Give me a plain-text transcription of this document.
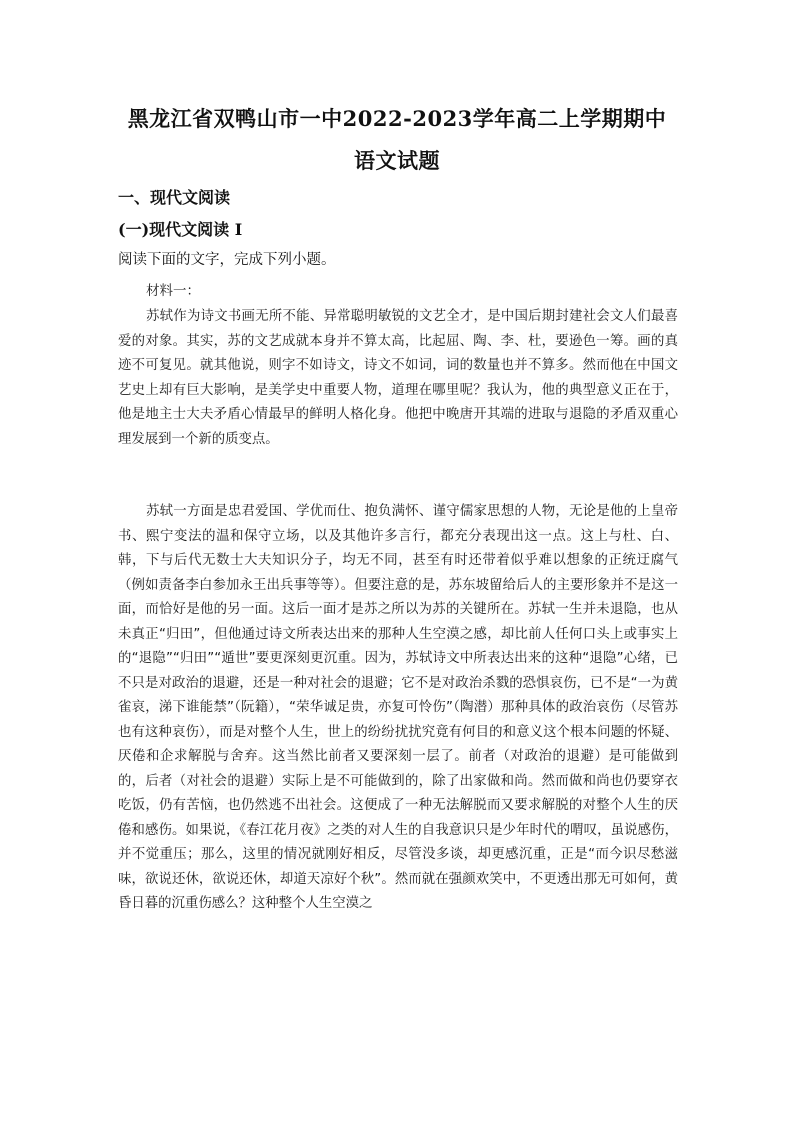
黑龙江省双鸭山市一中2022-2023学年高二上学期期中
语文试题
一、现代文阅读
(一)现代文阅读 I
阅读下面的文字，完成下列小题。
材料一：
苏轼作为诗文书画无所不能、异常聪明敏锐的文艺全才，是中国后期封建社会文人们最喜爱的对象。其实，苏的文艺成就本身并不算太高，比起屈、陶、李、杜，要逊色一筹。画的真迹不可复见。就其他说，则字不如诗文，诗文不如词，词的数量也并不算多。然而他在中国文艺史上却有巨大影响，是美学史中重要人物，道理在哪里呢？我认为，他的典型意义正在于，他是地主士大夫矛盾心情最早的鲜明人格化身。他把中晚唐开其端的进取与退隐的矛盾双重心理发展到一个新的质变点。
苏轼一方面是忠君爱国、学优而仕、抱负满怀、谨守儒家思想的人物，无论是他的上皇帝书、熙宁变法的温和保守立场，以及其他许多言行，都充分表现出这一点。这上与杜、白、韩，下与后代无数士大夫知识分子，均无不同，甚至有时还带着似乎难以想象的正统迂腐气（例如责备李白参加永王出兵事等等）。但要注意的是，苏东坡留给后人的主要形象并不是这一面，而恰好是他的另一面。这后一面才是苏之所以为苏的关键所在。苏轼一生并未退隐，也从未真正“归田”，但他通过诗文所表达出来的那种人生空漠之感，却比前人任何口头上或事实上的“退隐”“归田”“遁世”要更深刻更沉重。因为，苏轼诗文中所表达出来的这种“退隐”心绪，已不只是对政治的退避，还是一种对社会的退避；它不是对政治杀戮的恐惧哀伤，已不是“一为黄雀哀，涕下谁能禁”（阮籍），“荣华诚足贵，亦复可怜伤”（陶潜）那种具体的政治哀伤（尽管苏也有这种哀伤），而是对整个人生，世上的纷纷扰扰究竟有何目的和意义这个根本问题的怀疑、厌倦和企求解脱与舍弃。这当然比前者又要深刻一层了。前者（对政治的退避）是可能做到的，后者（对社会的退避）实际上是不可能做到的，除了出家做和尚。然而做和尚也仍要穿衣吃饭，仍有苦恼，也仍然逃不出社会。这便成了一种无法解脱而又要求解脱的对整个人生的厌倦和感伤。如果说，《春江花月夜》之类的对人生的自我意识只是少年时代的喟叹，虽说感伤，并不觉重压；那么，这里的情况就刚好相反，尽管没多谈，却更感沉重，正是“而今识尽愁滋味，欲说还休，欲说还休，却道天凉好个秋”。然而就在强颜欢笑中，不更透出那无可如何，黄昏日暮的沉重伤感么？这种整个人生空漠之
